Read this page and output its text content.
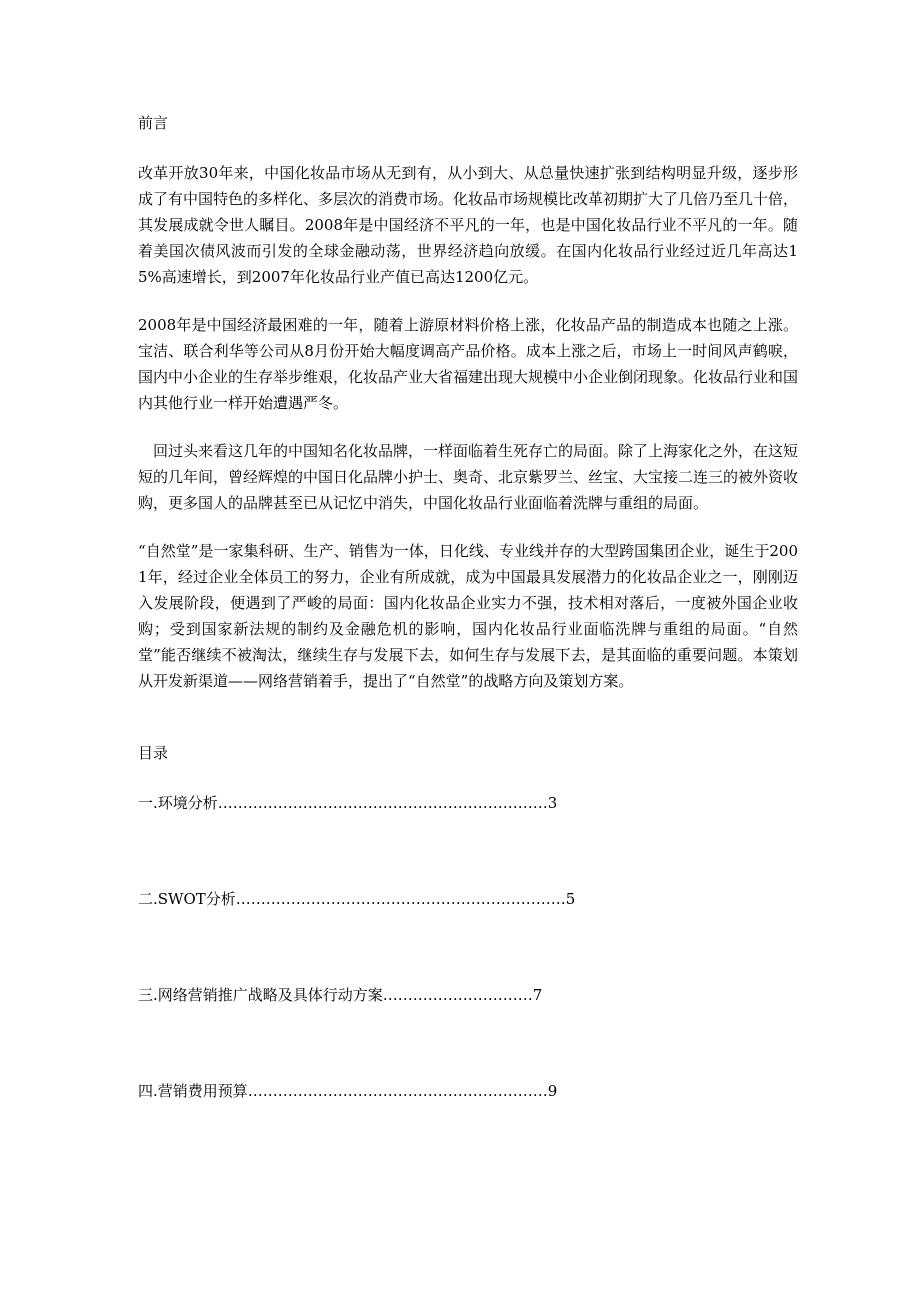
前言

改革开放30年来，中国化妆品市场从无到有，从小到大、从总量快速扩张到结构明显升级，逐步形成了有中国特色的多样化、多层次的消费市场。化妆品市场规模比改革初期扩大了几倍乃至几十倍，其发展成就令世人瞩目。2008年是中国经济不平凡的一年，也是中国化妆品行业不平凡的一年。随着美国次债风波而引发的全球金融动荡，世界经济趋向放缓。在国内化妆品行业经过近几年高达15%高速增长，到2007年化妆品行业产值已高达1200亿元。

2008年是中国经济最困难的一年，随着上游原材料价格上涨，化妆品产品的制造成本也随之上涨。宝洁、联合利华等公司从8月份开始大幅度调高产品价格。成本上涨之后，市场上一时间风声鹤唳，国内中小企业的生存举步维艰，化妆品产业大省福建出现大规模中小企业倒闭现象。化妆品行业和国内其他行业一样开始遭遇严冬。

　回过头来看这几年的中国知名化妆品牌，一样面临着生死存亡的局面。除了上海家化之外，在这短短的几年间，曾经辉煌的中国日化品牌小护士、奥奇、北京紫罗兰、丝宝、大宝接二连三的被外资收购，更多国人的品牌甚至已从记忆中消失，中国化妆品行业面临着洗牌与重组的局面。

“自然堂”是一家集科研、生产、销售为一体，日化线、专业线并存的大型跨国集团企业，诞生于2001年，经过企业全体员工的努力，企业有所成就，成为中国最具发展潜力的化妆品企业之一，刚刚迈入发展阶段，便遇到了严峻的局面：国内化妆品企业实力不强，技术相对落后，一度被外国企业收购；受到国家新法规的制约及金融危机的影响，国内化妆品行业面临洗牌与重组的局面。“自然堂”能否继续不被淘汰，继续生存与发展下去，如何生存与发展下去，是其面临的重要问题。本策划从开发新渠道——网络营销着手，提出了“自然堂”的战略方向及策划方案。

目录

一.环境分析…………………………………………………………3

二.SWOT分析…………………………………………………………5

三.网络营销推广战略及具体行动方案…………………………7

四.营销费用预算……………………………………………………9
